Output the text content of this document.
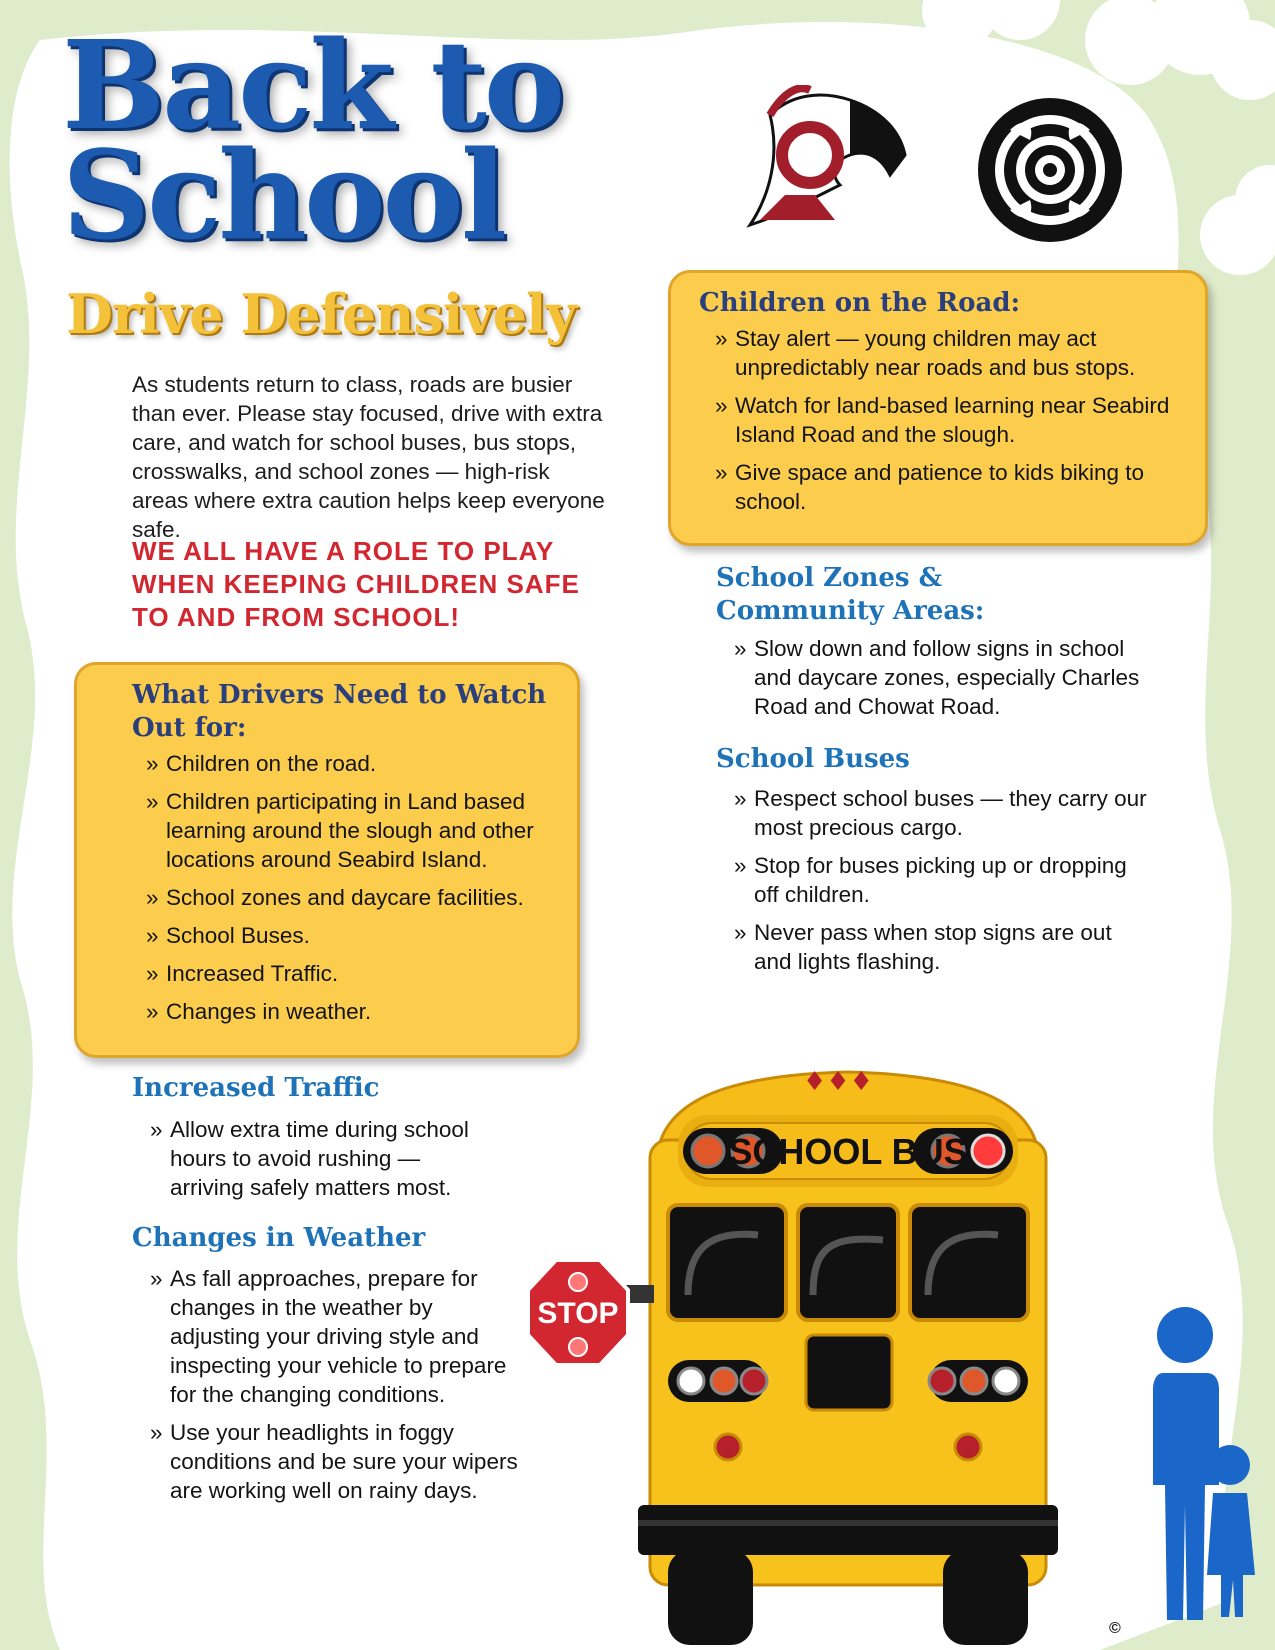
Back to
School
Drive Defensively

As students return to class, roads are busier than ever. Please stay focused, drive with extra care, and watch for school buses, bus stops, crosswalks, and school zones — high-risk areas where extra caution helps keep everyone safe.

WE ALL HAVE A ROLE TO PLAY WHEN KEEPING CHILDREN SAFE TO AND FROM SCHOOL!

What Drivers Need to Watch Out for:
» Children on the road.
» Children participating in Land based learning around the slough and other locations around Seabird Island.
» School zones and daycare facilities.
» School Buses.
» Increased Traffic.
» Changes in weather.
Increased Traffic
» Allow extra time during school hours to avoid rushing — arriving safely matters most.
Changes in Weather
» As fall approaches, prepare for changes in the weather by adjusting your driving style and inspecting your vehicle to prepare for the changing conditions.
» Use your headlights in foggy conditions and be sure your wipers are working well on rainy days.
Children on the Road:
» Stay alert — young children may act unpredictably near roads and bus stops.
» Watch for land-based learning near Seabird Island Road and the slough.
» Give space and patience to kids biking to school.
School Zones & Community Areas:
» Slow down and follow signs in school and daycare zones, especially Charles Road and Chowat Road.
School Buses
» Respect school buses — they carry our most precious cargo.
» Stop for buses picking up or dropping off children.
» Never pass when stop signs are out and lights flashing.
♦♦♦
SCHOOL BUS
STOP
©
